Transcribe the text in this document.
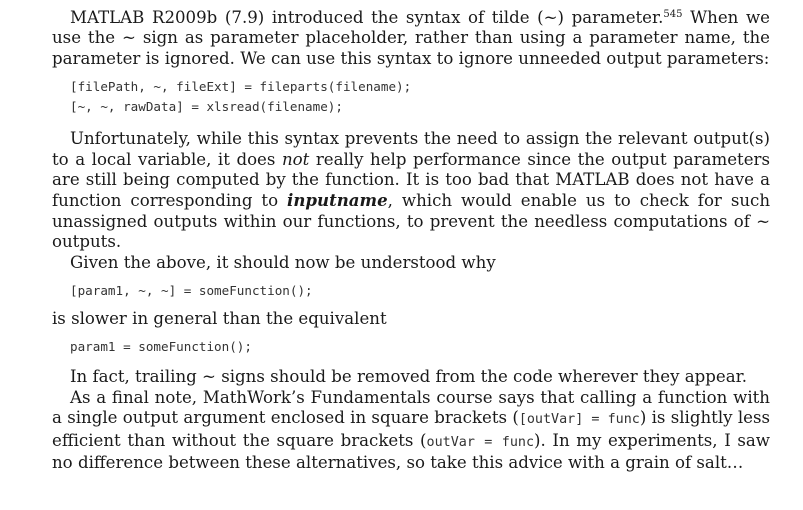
MATLAB R2009b (7.9) introduced the syntax of tilde (~) parameter.$^{545}$ When we use the ~ sign as parameter placeholder, rather than using a parameter name, the parameter is ignored. We can use this syntax to ignore unneeded output parameters:

[filePath, ~, fileExt] = fileparts(filename);
[~, ~, rawData] = xlsread(filename);

Unfortunately, while this syntax prevents the need to assign the relevant output(s) to a local variable, it does not really help performance since the output parameters are still being computed by the function. It is too bad that MATLAB does not have a function corresponding to inputname, which would enable us to check for such unassigned outputs within our functions, to prevent the needless computations of ~ outputs.

Given the above, it should now be understood why

[param1, ~, ~] = someFunction();

is slower in general than the equivalent

param1 = someFunction();

In fact, trailing ~ signs should be removed from the code wherever they appear.

As a final note, MathWork’s Fundamentals course says that calling a function with a single output argument enclosed in square brackets ([outVar] = func) is slightly less efficient than without the square brackets (outVar = func). In my experiments, I saw no difference between these alternatives, so take this advice with a grain of salt…
